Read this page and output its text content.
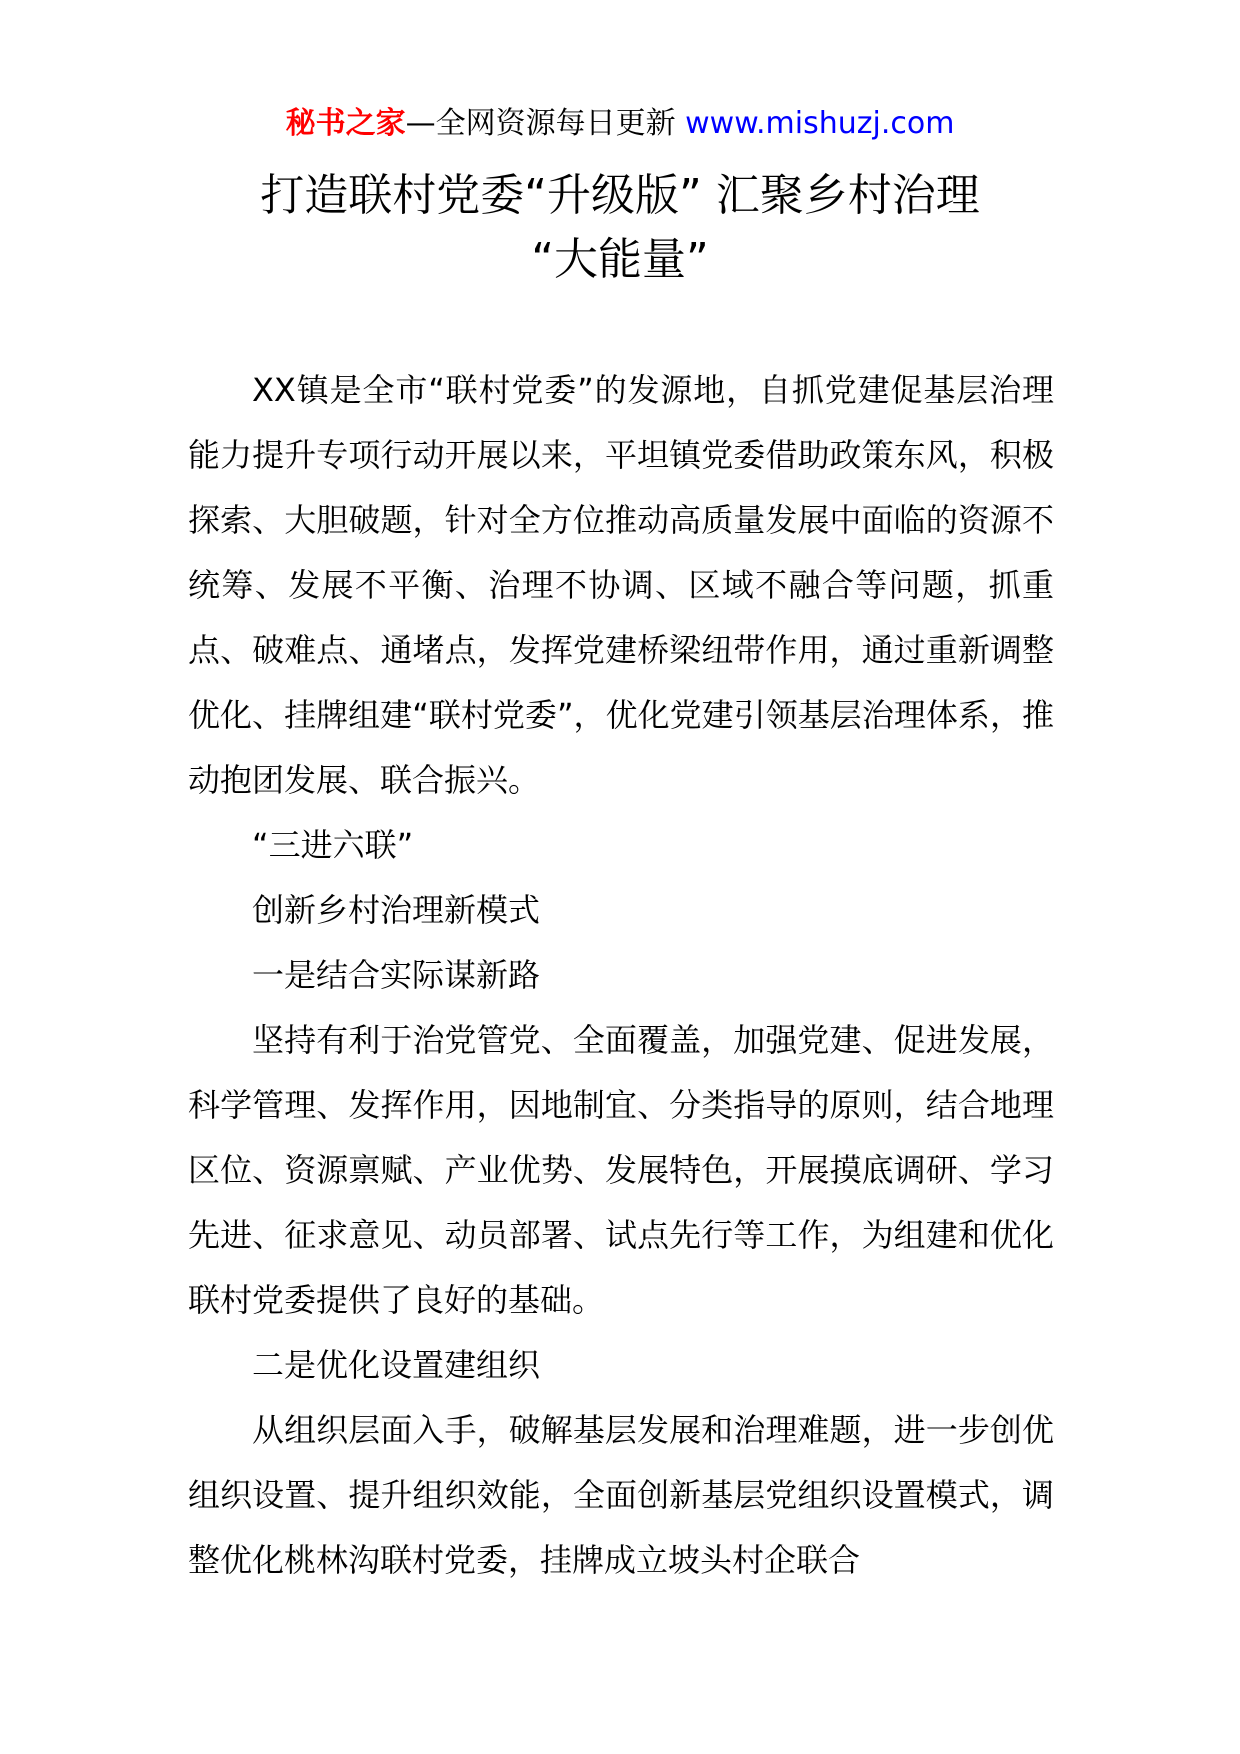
秘书之家—全网资源每日更新 www.mishuzj.com
打造联村党委“升级版” 汇聚乡村治理
“大能量”

XX镇是全市“联村党委”的发源地，自抓党建促基层治理能力提升专项行动开展以来，平坦镇党委借助政策东风，积极探索、大胆破题，针对全方位推动高质量发展中面临的资源不统筹、发展不平衡、治理不协调、区域不融合等问题，抓重点、破难点、通堵点，发挥党建桥梁纽带作用，通过重新调整优化、挂牌组建“联村党委”，优化党建引领基层治理体系，推动抱团发展、联合振兴。

“三进六联”

创新乡村治理新模式

一是结合实际谋新路

坚持有利于治党管党、全面覆盖，加强党建、促进发展，科学管理、发挥作用，因地制宜、分类指导的原则，结合地理区位、资源禀赋、产业优势、发展特色，开展摸底调研、学习先进、征求意见、动员部署、试点先行等工作，为组建和优化联村党委提供了良好的基础。

二是优化设置建组织

从组织层面入手，破解基层发展和治理难题，进一步创优组织设置、提升组织效能，全面创新基层党组织设置模式，调整优化桃林沟联村党委，挂牌成立坡头村企联合
